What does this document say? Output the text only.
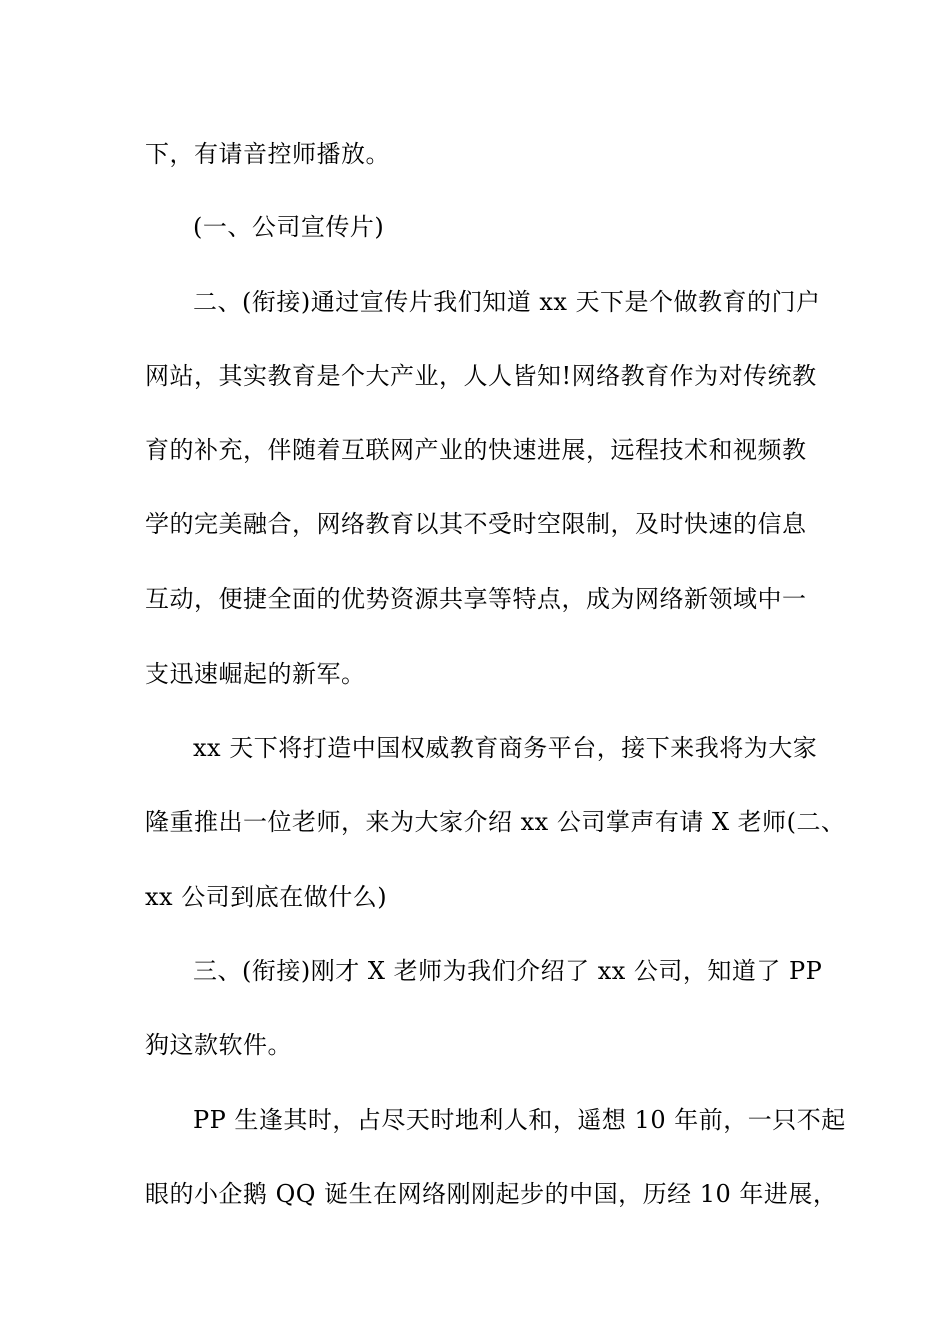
下，有请音控师播放。
(一、公司宣传片)
二、(衔接)通过宣传片我们知道 xx 天下是个做教育的门户
网站，其实教育是个大产业，人人皆知!网络教育作为对传统教
育的补充，伴随着互联网产业的快速进展，远程技术和视频教
学的完美融合，网络教育以其不受时空限制，及时快速的信息
互动，便捷全面的优势资源共享等特点，成为网络新领域中一
支迅速崛起的新军。
xx 天下将打造中国权威教育商务平台，接下来我将为大家
隆重推出一位老师，来为大家介绍 xx 公司掌声有请 X 老师(二、
xx 公司到底在做什么)
三、(衔接)刚才 X 老师为我们介绍了 xx 公司，知道了 PP
狗这款软件。
PP 生逢其时，占尽天时地利人和，遥想 10 年前，一只不起
眼的小企鹅 QQ 诞生在网络刚刚起步的中国，历经 10 年进展，
